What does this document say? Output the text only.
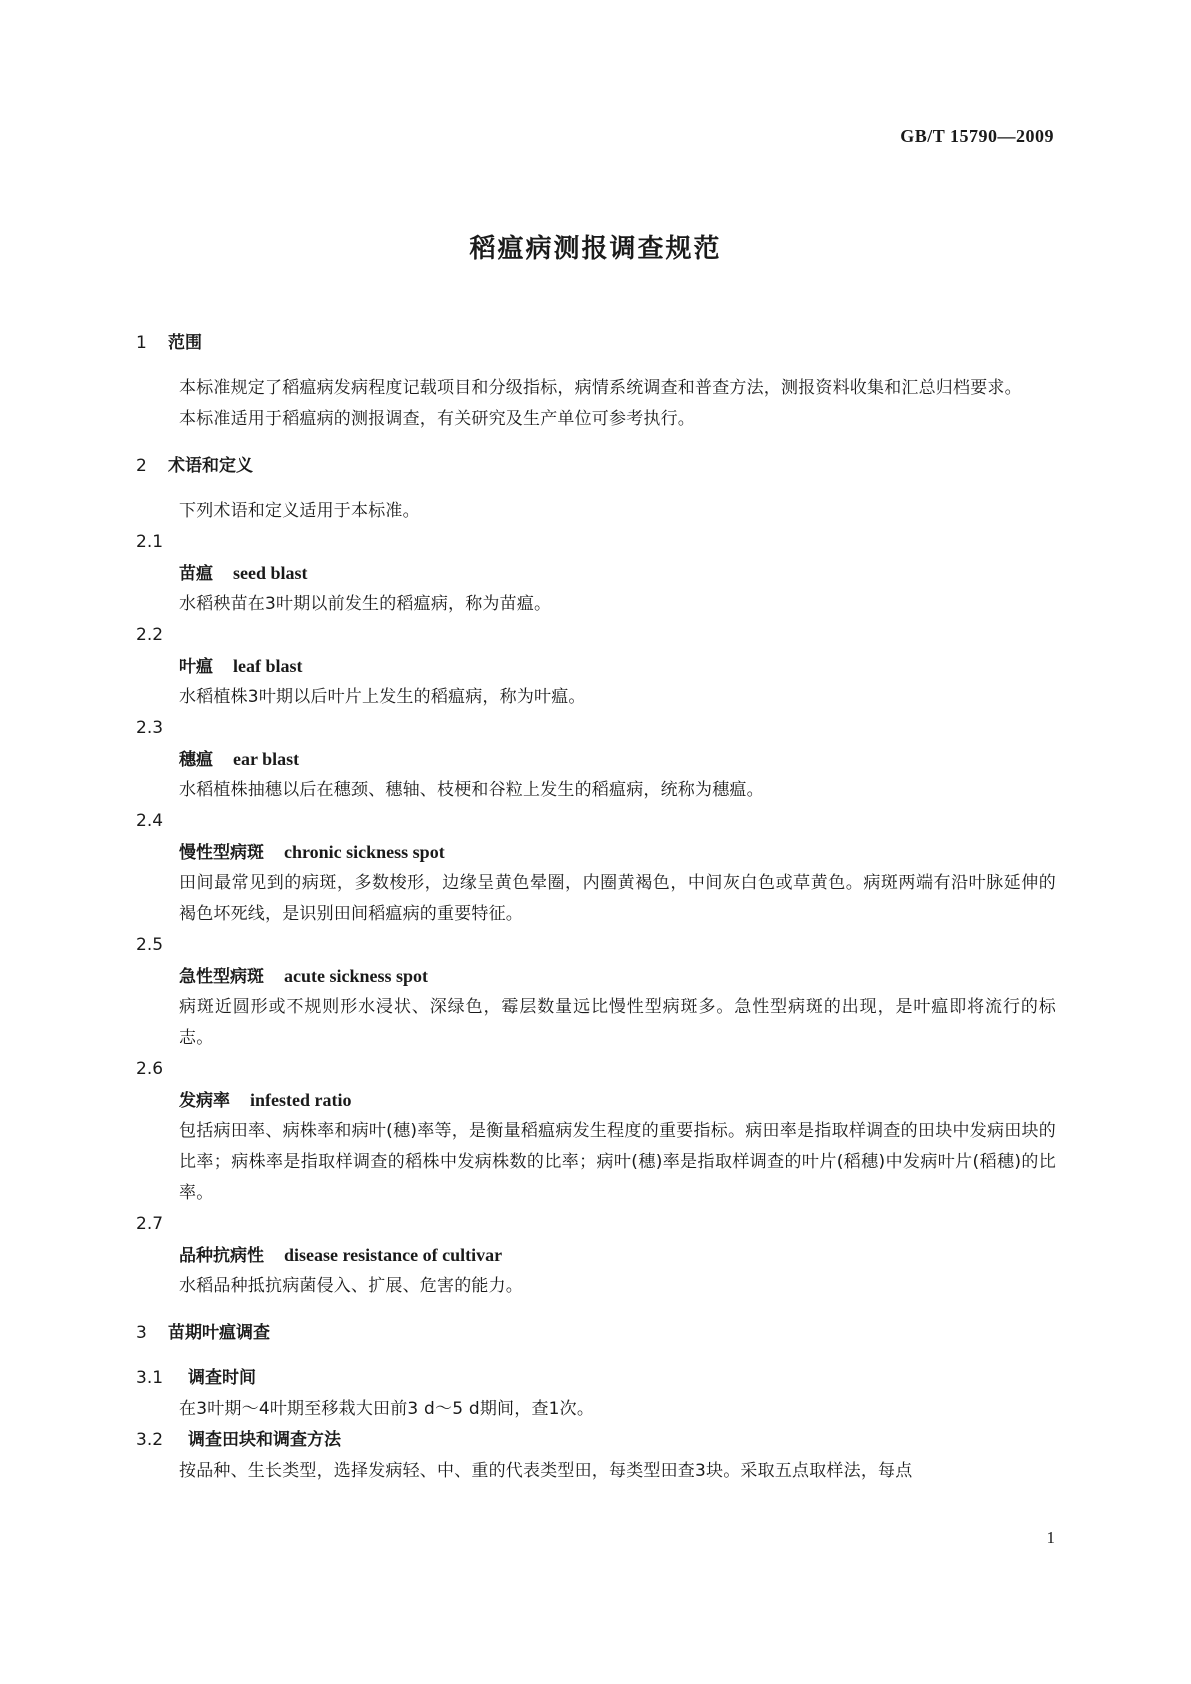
GB/T 15790—2009
稻瘟病测报调查规范
1 范围
本标准规定了稻瘟病发病程度记载项目和分级指标，病情系统调查和普查方法，测报资料收集和汇总归档要求。
本标准适用于稻瘟病的测报调查，有关研究及生产单位可参考执行。
2 术语和定义
下列术语和定义适用于本标准。
2.1
苗瘟 seed blast
水稻秧苗在3叶期以前发生的稻瘟病，称为苗瘟。
2.2
叶瘟 leaf blast
水稻植株3叶期以后叶片上发生的稻瘟病，称为叶瘟。
2.3
穗瘟 ear blast
水稻植株抽穗以后在穗颈、穗轴、枝梗和谷粒上发生的稻瘟病，统称为穗瘟。
2.4
慢性型病斑 chronic sickness spot
田间最常见到的病斑，多数梭形，边缘呈黄色晕圈，内圈黄褐色，中间灰白色或草黄色。病斑两端有沿叶脉延伸的褐色坏死线，是识别田间稻瘟病的重要特征。
2.5
急性型病斑 acute sickness spot
病斑近圆形或不规则形水浸状、深绿色，霉层数量远比慢性型病斑多。急性型病斑的出现，是叶瘟即将流行的标志。
2.6
发病率 infested ratio
包括病田率、病株率和病叶(穗)率等，是衡量稻瘟病发生程度的重要指标。病田率是指取样调查的田块中发病田块的比率；病株率是指取样调查的稻株中发病株数的比率；病叶(穗)率是指取样调查的叶片(稻穗)中发病叶片(稻穗)的比率。
2.7
品种抗病性 disease resistance of cultivar
水稻品种抵抗病菌侵入、扩展、危害的能力。
3 苗期叶瘟调查
3.1 调查时间
在3叶期～4叶期至移栽大田前3 d～5 d期间，查1次。
3.2 调查田块和调查方法
按品种、生长类型，选择发病轻、中、重的代表类型田，每类型田查3块。采取五点取样法，每点
1
